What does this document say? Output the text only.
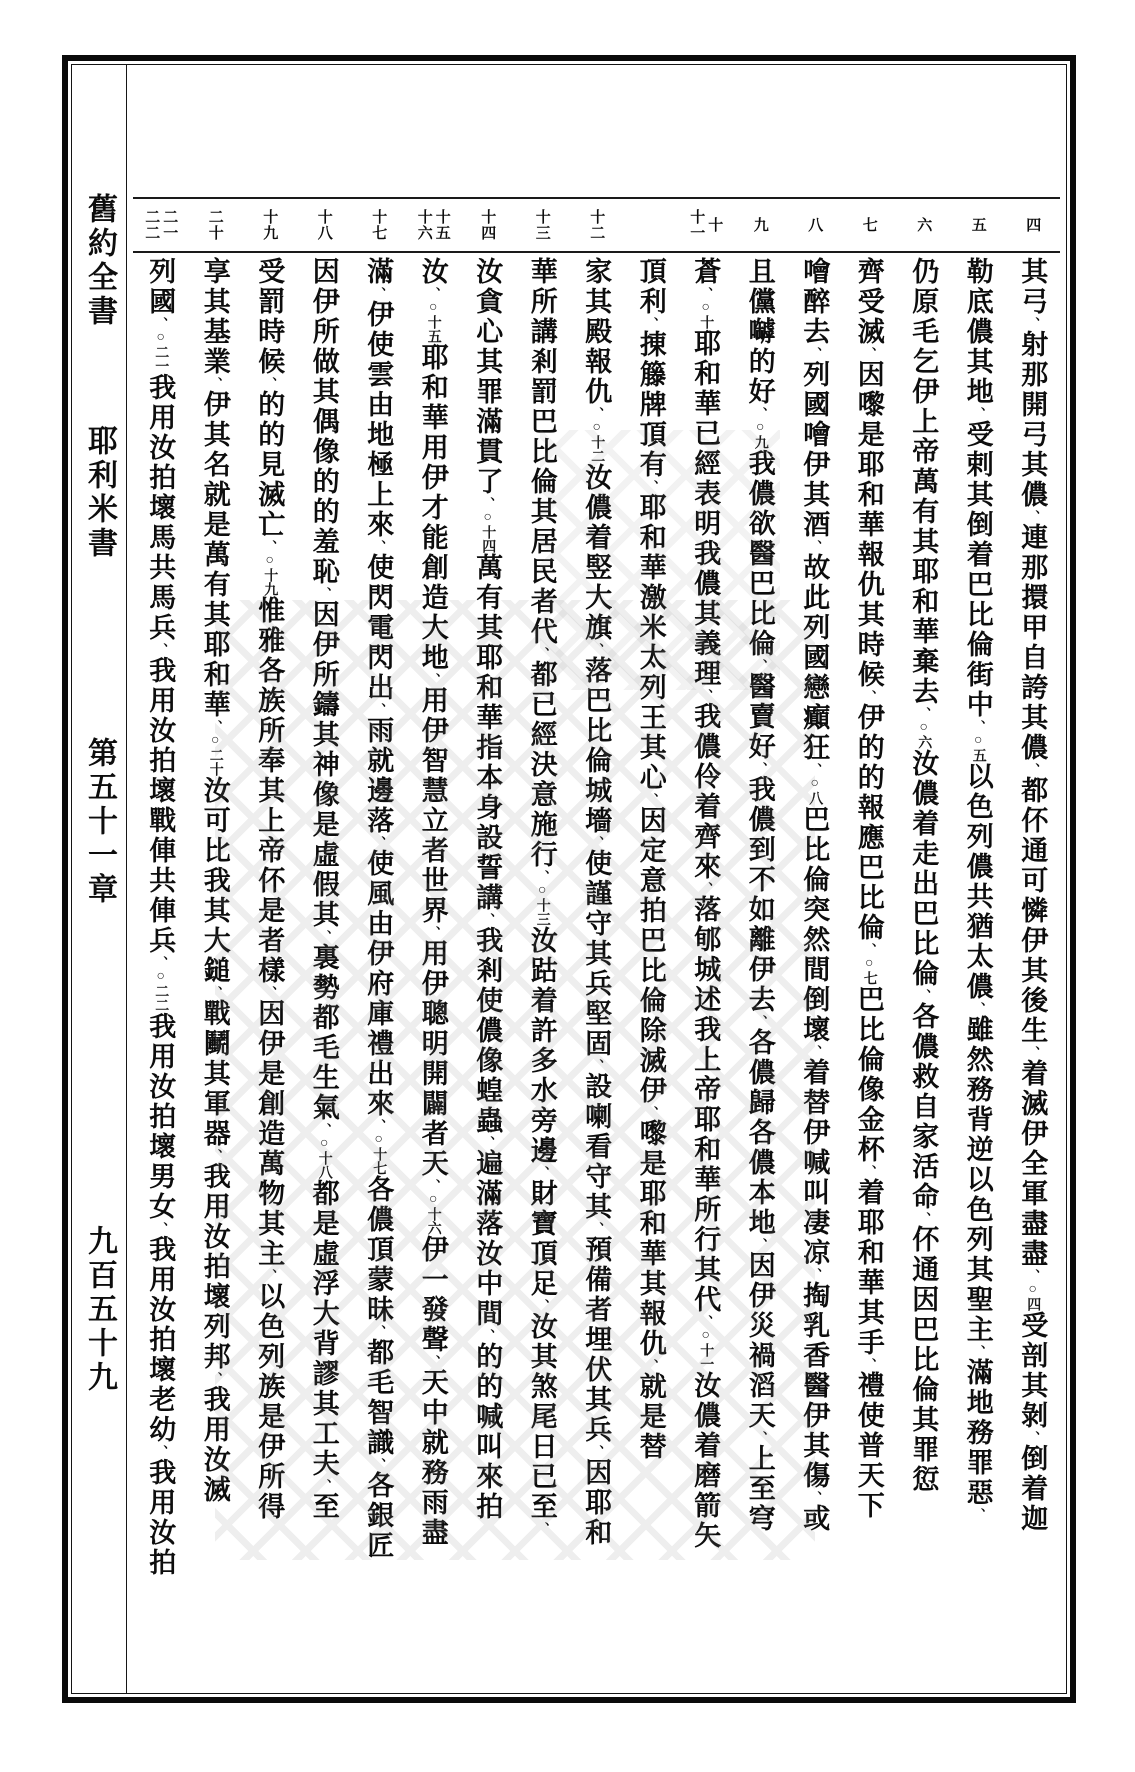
舊約全書
耶利米書
第五十一章
九百五十九
四
五
六
七
八
九
十
十一
十二
十三
十四
十五
十六
十七
十八
十九
二十
二一
二二
其弓、射那開弓其儂、連那擐甲自誇其儂、都伓通可憐伊其後生、着滅伊全軍盡盡、○四受剖其剝、倒着迦
勒底儂其地、受剌其倒着巴比倫街中、○五以色列儂共猶太儂、雖然務背逆以色列其聖主、滿地務罪惡、
仍原毛乞伊上帝萬有其耶和華棄去、○六汝儂着走出巴比倫、各儂救自家活命、伓通因巴比倫其罪愆
齊受滅、因嚟是耶和華報仇其時候、伊的的報應巴比倫、○七巴比倫像金杯、着耶和華其手、禮使普天下
噲醉去、列國噲伊其酒、故此列國戀癲狂、○八巴比倫突然間倒壞、着替伊喊叫凄凉、掏乳香醫伊其傷、或
且儻嚹的好、○九我儂欲醫巴比倫、醫賣好、我儂到不如離伊去、各儂歸各儂本地、因伊災禍滔天、上至穹
蒼、○十耶和華已經表明我儂其義理、我儂伶着齊來、落郇城述我上帝耶和華所行其代、○十一汝儂着磨箭矢
頂利、㨂籐牌頂有、耶和華激米太列王其心、因定意拍巴比倫除滅伊、嚟是耶和華其報仇、就是替
家其殿報仇、○十二汝儂着竪大旗、落巴比倫城墻、使謹守其兵堅固、設喇看守其、預備者埋伏其兵、因耶和
華所講剎罰巴比倫其居民者代、都已經決意施行、○十三汝跍着許多水旁邊、財寶頂足、汝其煞尾日已至、
汝貪心其罪滿貫了、○十四萬有其耶和華指本身設誓講、我剎使儂像蝗蟲、遍滿落汝中間、的的喊叫來拍
汝、○十五耶和華用伊才能創造大地、用伊智慧立者世界、用伊聰明開闢者天、○十六伊一發聲、天中就務雨盡
滿、伊使雲由地極上來、使閃電閃出、雨就邊落、使風由伊府庫禮出來、○十七各儂頂蒙昧、都毛智識、各銀匠
因伊所做其偶像的的羞恥、因伊所鑄其神像是虛假其、裏勢都毛生氣、○十八都是虛浮大背謬其工夫、至
受罰時候、的的見滅亡、○十九惟雅各族所奉其上帝伓是者樣、因伊是創造萬物其主、以色列族是伊所得
享其基業、伊其名就是萬有其耶和華、○二十汝可比我其大鎚、戰鬭其軍器、我用汝拍壞列邦、我用汝滅
列國、○二一我用汝拍壞馬共馬兵、我用汝拍壞戰俥共俥兵、○二二我用汝拍壞男女、我用汝拍壞老幼、我用汝拍
